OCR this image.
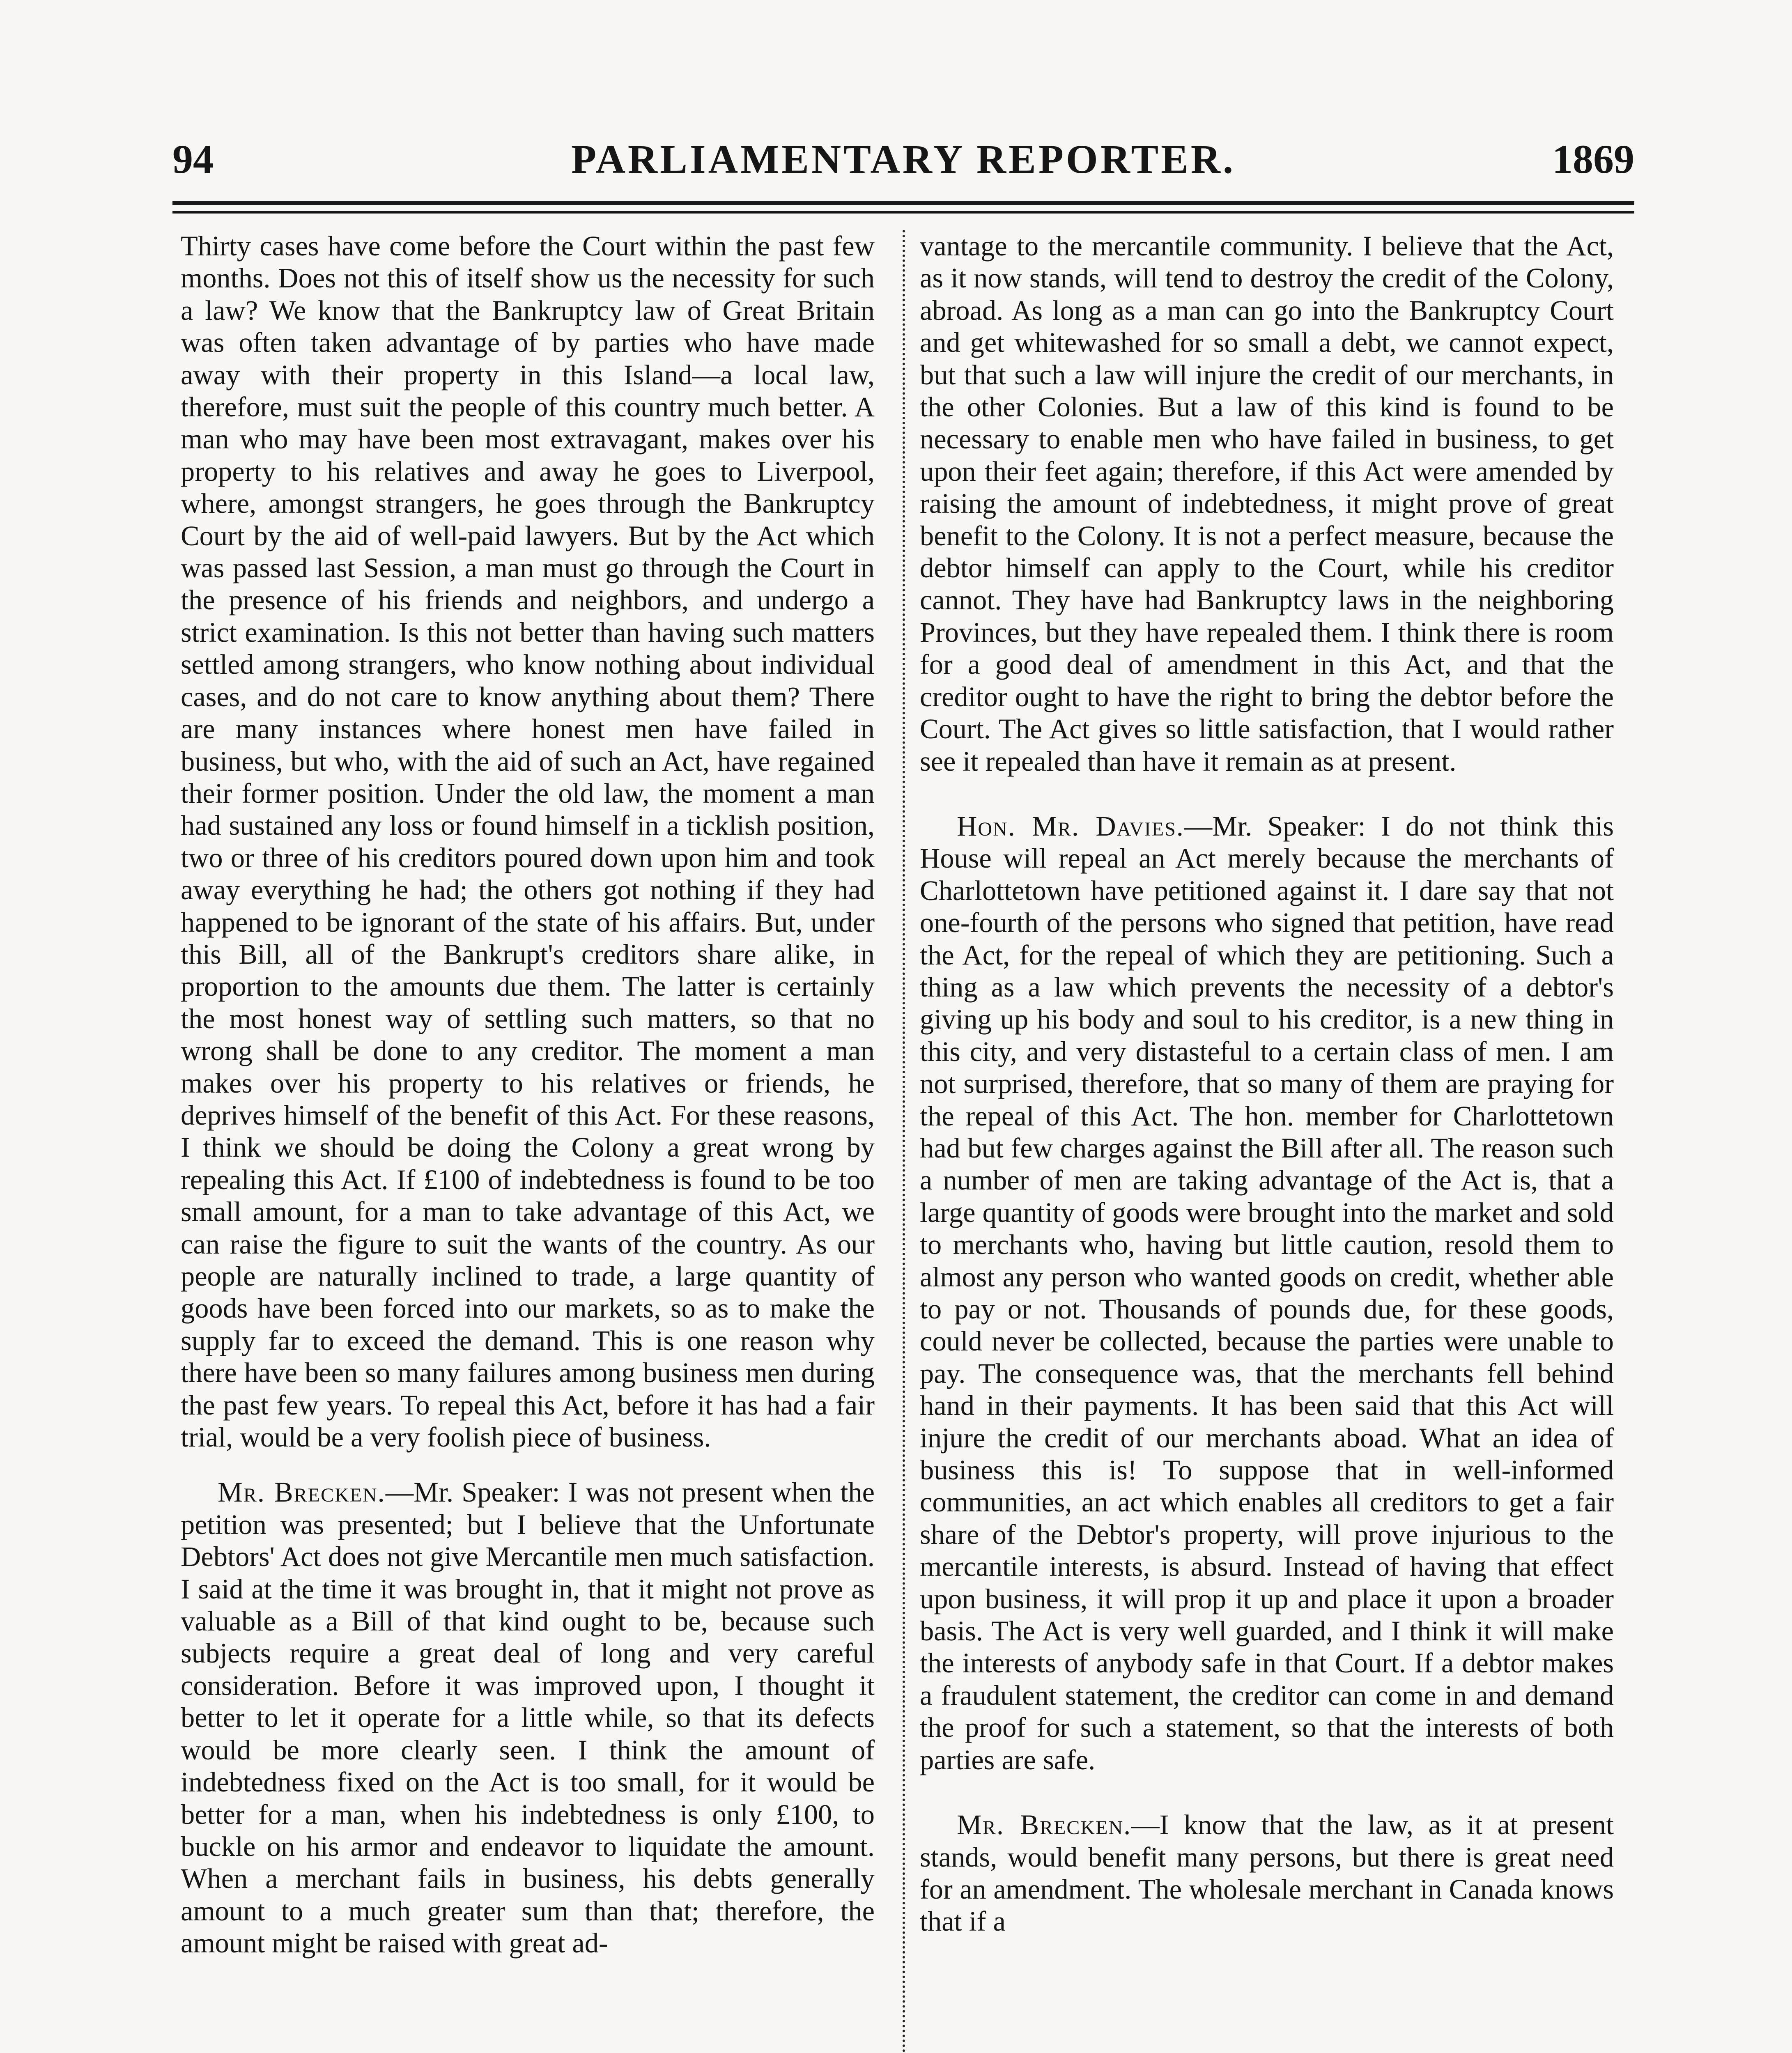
94	PARLIAMENTARY REPORTER.	1869

Thirty cases have come before the Court within the past few months. Does not this of itself show us the necessity for such a law? We know that the Bankruptcy law of Great Britain was often taken advantage of by parties who have made away with their property in this Island—a local law, therefore, must suit the people of this country much better. A man who may have been most extravagant, makes over his property to his relatives and away he goes to Liverpool, where, amongst strangers, he goes through the Bankruptcy Court by the aid of well-paid lawyers. But by the Act which was passed last Session, a man must go through the Court in the presence of his friends and neighbors, and undergo a strict examination. Is this not better than having such matters settled among strangers, who know nothing about individual cases, and do not care to know anything about them? There are many instances where honest men have failed in business, but who, with the aid of such an Act, have regained their former position. Under the old law, the moment a man had sustained any loss or found himself in a ticklish position, two or three of his creditors poured down upon him and took away everything he had; the others got nothing if they had happened to be ignorant of the state of his affairs. But, under this Bill, all of the Bankrupt's creditors share alike, in proportion to the amounts due them. The latter is certainly the most honest way of settling such matters, so that no wrong shall be done to any creditor. The moment a man makes over his property to his relatives or friends, he deprives himself of the benefit of this Act. For these reasons, I think we should be doing the Colony a great wrong by repealing this Act. If £100 of indebtedness is found to be too small amount, for a man to take advantage of this Act, we can raise the figure to suit the wants of the country. As our people are naturally inclined to trade, a large quantity of goods have been forced into our markets, so as to make the supply far to exceed the demand. This is one reason why there have been so many failures among business men during the past few years. To repeal this Act, before it has had a fair trial, would be a very foolish piece of business.

Mr. Brecken.—Mr. Speaker: I was not present when the petition was presented; but I believe that the Unfortunate Debtors' Act does not give Mercantile men much satisfaction. I said at the time it was brought in, that it might not prove as valuable as a Bill of that kind ought to be, because such subjects require a great deal of long and very careful consideration. Before it was improved upon, I thought it better to let it operate for a little while, so that its defects would be more clearly seen. I think the amount of indebtedness fixed on the Act is too small, for it would be better for a man, when his indebtedness is only £100, to buckle on his armor and endeavor to liquidate the amount. When a merchant fails in business, his debts generally amount to a much greater sum than that; therefore, the amount might be raised with great ad-

vantage to the mercantile community. I believe that the Act, as it now stands, will tend to destroy the credit of the Colony, abroad. As long as a man can go into the Bankruptcy Court and get whitewashed for so small a debt, we cannot expect, but that such a law will injure the credit of our merchants, in the other Colonies. But a law of this kind is found to be necessary to enable men who have failed in business, to get upon their feet again; therefore, if this Act were amended by raising the amount of indebtedness, it might prove of great benefit to the Colony. It is not a perfect measure, because the debtor himself can apply to the Court, while his creditor cannot. They have had Bankruptcy laws in the neighboring Provinces, but they have repealed them. I think there is room for a good deal of amendment in this Act, and that the creditor ought to have the right to bring the debtor before the Court. The Act gives so little satisfaction, that I would rather see it repealed than have it remain as at present.

Hon. Mr. Davies.—Mr. Speaker: I do not think this House will repeal an Act merely because the merchants of Charlottetown have petitioned against it. I dare say that not one-fourth of the persons who signed that petition, have read the Act, for the repeal of which they are petitioning. Such a thing as a law which prevents the necessity of a debtor's giving up his body and soul to his creditor, is a new thing in this city, and very distasteful to a certain class of men. I am not surprised, therefore, that so many of them are praying for the repeal of this Act. The hon. member for Charlottetown had but few charges against the Bill after all. The reason such a number of men are taking advantage of the Act is, that a large quantity of goods were brought into the market and sold to merchants who, having but little caution, resold them to almost any person who wanted goods on credit, whether able to pay or not. Thousands of pounds due, for these goods, could never be collected, because the parties were unable to pay. The consequence was, that the merchants fell behind hand in their payments. It has been said that this Act will injure the credit of our merchants aboad. What an idea of business this is! To suppose that in well-informed communities, an act which enables all creditors to get a fair share of the Debtor's property, will prove injurious to the mercantile interests, is absurd. Instead of having that effect upon business, it will prop it up and place it upon a broader basis. The Act is very well guarded, and I think it will make the interests of anybody safe in that Court. If a debtor makes a fraudulent statement, the creditor can come in and demand the proof for such a statement, so that the interests of both parties are safe.

Mr. Brecken.—I know that the law, as it at present stands, would benefit many persons, but there is great need for an amendment. The wholesale merchant in Canada knows that if a
